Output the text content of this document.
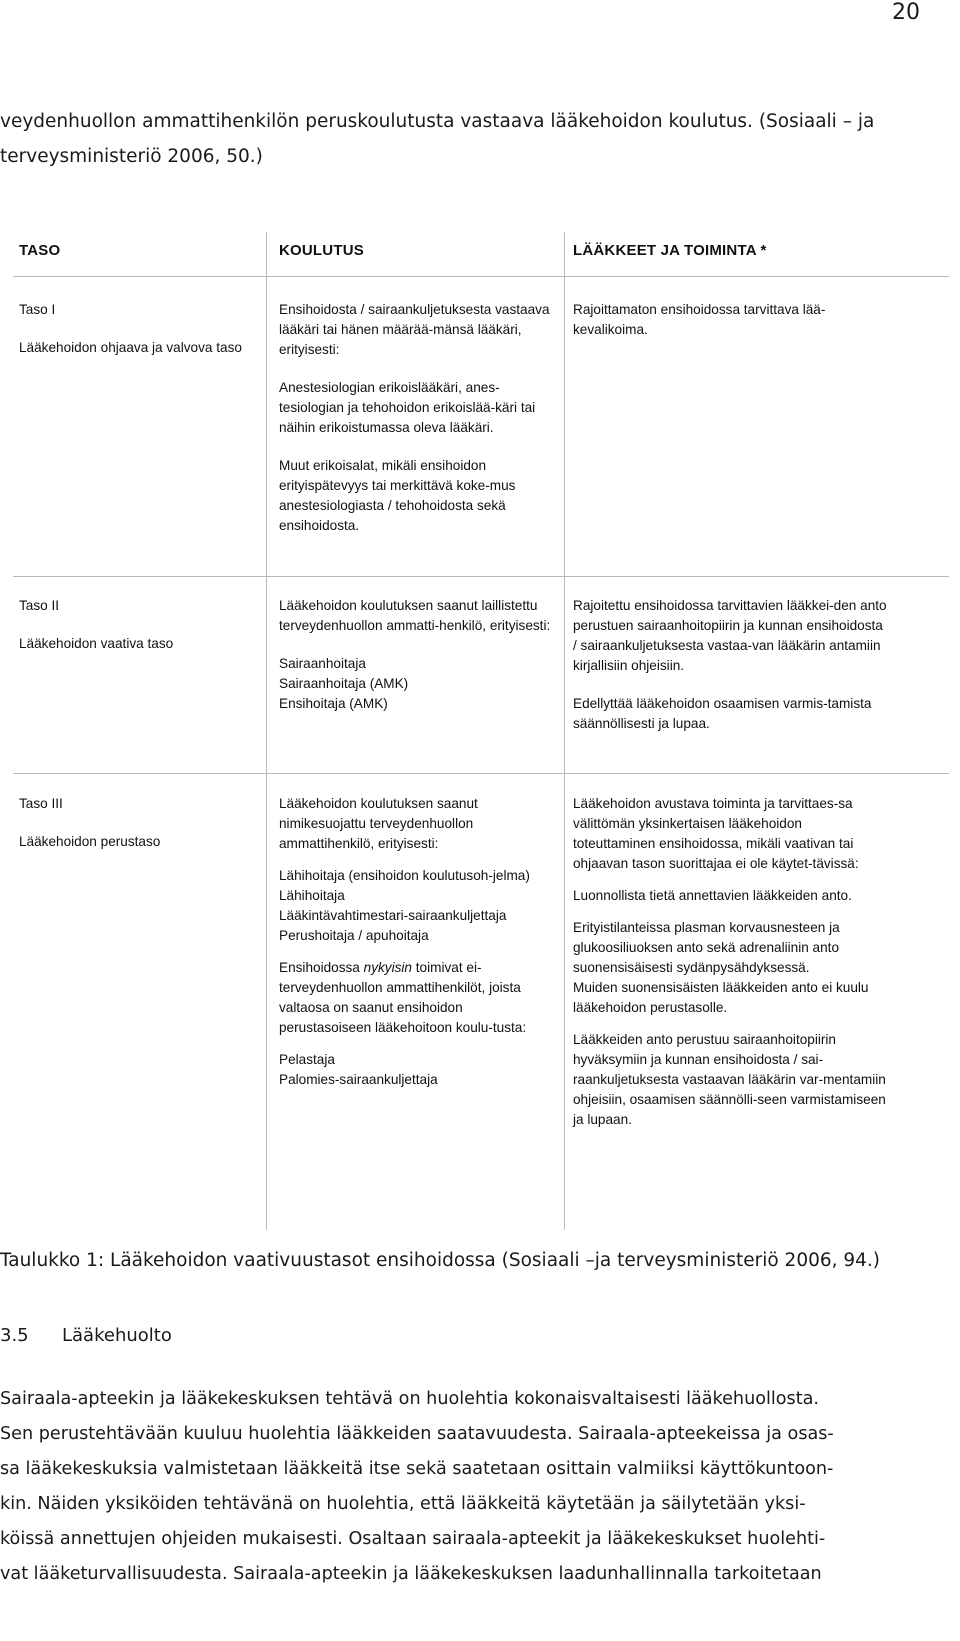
20
veydenhuollon ammattihenkilön peruskoulutusta vastaava lääkehoidon koulutus. (Sosiaali – ja
terveysministeriö 2006, 50.)
TASO	KOULUTUS	LÄÄKKEET JA TOIMINTA *

Taso I

Lääkehoidon ohjaava ja valvova taso

Ensihoidosta / sairaankuljetuksesta vastaava lääkäri tai hänen määrää-mänsä lääkäri, erityisesti:

Anestesiologian erikoislääkäri, anes-tesiologian ja tehohoidon erikoislää-käri tai näihin erikoistumassa oleva lääkäri.

Muut erikoisalat, mikäli ensihoidon erityispätevyys tai merkittävä koke-mus anestesiologiasta / tehohoidosta sekä ensihoidosta.

Rajoittamaton ensihoidossa tarvittava lää-kevalikoima.

Taso II

Lääkehoidon vaativa taso

Lääkehoidon koulutuksen saanut laillistettu terveydenhuollon ammatti-henkilö, erityisesti:

Sairaanhoitaja

Sairaanhoitaja (AMK)

Ensihoitaja (AMK)

Rajoitettu ensihoidossa tarvittavien lääkkei-den anto perustuen sairaanhoitopiirin ja kunnan ensihoidosta / sairaankuljetuksesta vastaa-van lääkärin antamiin kirjallisiin ohjeisiin.

Edellyttää lääkehoidon osaamisen varmis-tamista säännöllisesti ja lupaa.

Taso III

Lääkehoidon perustaso

Lääkehoidon koulutuksen saanut nimikesuojattu terveydenhuollon ammattihenkilö, erityisesti:

Lähihoitaja (ensihoidon koulutusoh-jelma)

Lähihoitaja

Lääkintävahtimestari-sairaankuljettaja

Perushoitaja / apuhoitaja

Ensihoidossa nykyisin toimivat ei-terveydenhuollon ammattihenkilöt, joista valtaosa on saanut ensihoidon perustasoiseen lääkehoitoon koulu-tusta:

Pelastaja

Palomies-sairaankuljettaja

Lääkehoidon avustava toiminta ja tarvittaes-sa välittömän yksinkertaisen lääkehoidon toteuttaminen ensihoidossa, mikäli vaativan tai ohjaavan tason suorittajaa ei ole käytet-tävissä:

Luonnollista tietä annettavien lääkkeiden anto.

Erityistilanteissa plasman korvausnesteen ja glukoosiliuoksen anto sekä adrenaliinin anto suonensisäisesti sydänpysähdyksessä.

Muiden suonensisäisten lääkkeiden anto ei kuulu lääkehoidon perustasolle.

Lääkkeiden anto perustuu sairaanhoitopiirin hyväksymiin ja kunnan ensihoidosta / sai-raankuljetuksesta vastaavan lääkärin var-mentamiin ohjeisiin, osaamisen säännölli-seen varmistamiseen ja lupaan.

Taulukko 1: Lääkehoidon vaativuustasot ensihoidossa (Sosiaali –ja terveysministeriö 2006, 94.)
3.5 Lääkehuolto
Sairaala-apteekin ja lääkekeskuksen tehtävä on huolehtia kokonaisvaltaisesti lääkehuollosta.
Sen perustehtävään kuuluu huolehtia lääkkeiden saatavuudesta. Sairaala-apteekeissa ja osas-
sa lääkekeskuksia valmistetaan lääkkeitä itse sekä saatetaan osittain valmiiksi käyttökuntoon-
kin. Näiden yksiköiden tehtävänä on huolehtia, että lääkkeitä käytetään ja säilytetään yksi-
köissä annettujen ohjeiden mukaisesti. Osaltaan sairaala-apteekit ja lääkekeskukset huolehti-
vat lääketurvallisuudesta. Sairaala-apteekin ja lääkekeskuksen laadunhallinnalla tarkoitetaan
